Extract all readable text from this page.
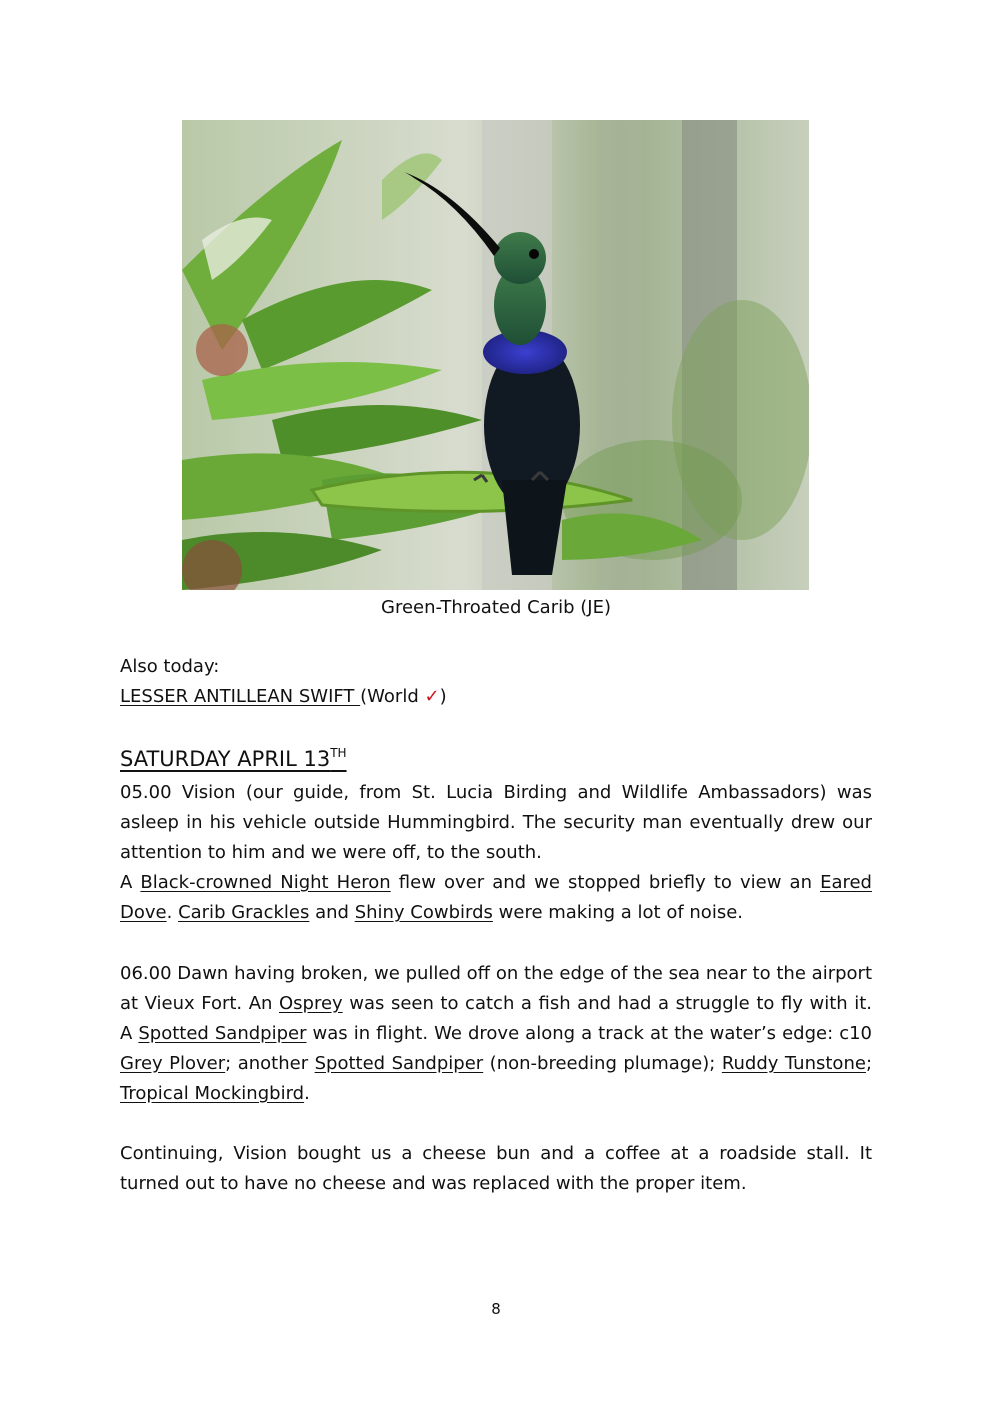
Green-Throated Carib (JE)
Also today:
LESSER ANTILLEAN SWIFT (World ✓)
SATURDAY APRIL 13TH

05.00 Vision (our guide, from St. Lucia Birding and Wildlife Ambassadors) was asleep in his vehicle outside Hummingbird. The security man eventually drew our attention to him and we were off, to the south.
A Black-crowned Night Heron flew over and we stopped briefly to view an Eared Dove. Carib Grackles and Shiny Cowbirds were making a lot of noise.

06.00 Dawn having broken, we pulled off on the edge of the sea near to the airport at Vieux Fort. An Osprey was seen to catch a fish and had a struggle to fly with it. A Spotted Sandpiper was in flight. We drove along a track at the water’s edge: c10 Grey Plover; another Spotted Sandpiper (non-breeding plumage); Ruddy Tunstone; Tropical Mockingbird.

Continuing, Vision bought us a cheese bun and a coffee at a roadside stall. It turned out to have no cheese and was replaced with the proper item.

8
